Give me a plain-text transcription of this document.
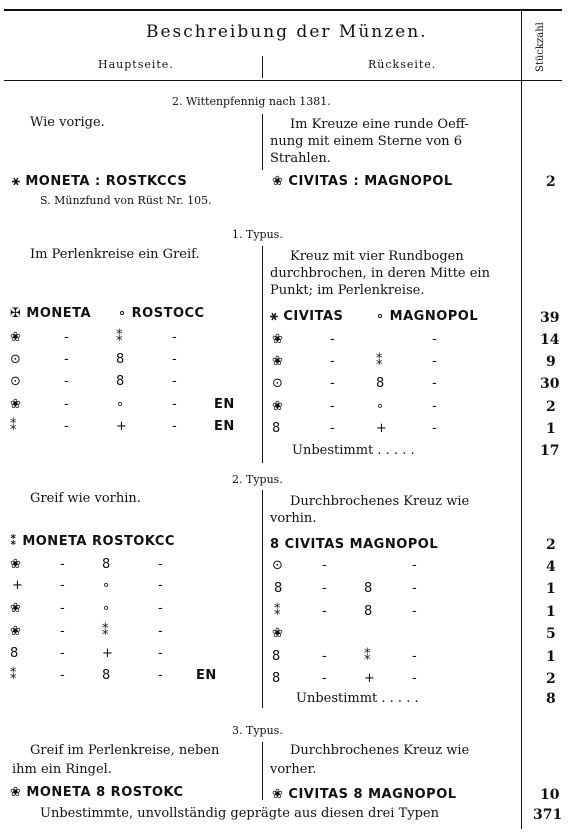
Beschreibung der Münzen.
Hauptseite.	Rückseite.	Stückzahl
2. Wittenpfennig nach 1381.
Wie vorige.	Im Kreuze eine runde Oeff-
nung mit einem Sterne von 6
Strahlen.
⚹ MONETA : ROSTKCCS	❀ CIVITAS : MAGNOPOL	2
S. Münzfund von Rüst Nr. 105.
1. Typus.
Im Perlenkreise ein Greif.	Kreuz mit vier Rundbogen
durchbrochen, in deren Mitte ein
Punkt; im Perlenkreise.
✠ MONETA ∘ ROSTOCC	⚹ CIVITAS	∘ MAGNOPOL	39
❀	-	⁑	-	❀	-	-	14
⊙	-	8	-	❀	-	⁑	-	9
⊙	-	8	-	⊙	-	8	-	30
❀	-	∘	-	EN	❀	-	∘	-	2
⁑	-	+	-	EN	8	-	+	-	1
Unbestimmt . . . . .	17
2. Typus.
Greif wie vorhin.	Durchbrochenes Kreuz wie
vorhin.
⁑ MONETA ROSTOKCC	8 CIVITAS MAGNOPOL	2
❀	-	8	-	⊙	-	-	4
+	-	∘	-	8	-	8	-	1
❀	-	∘	-	⁑	-	8	-	1
❀	-	⁑	-	❀	5
8	-	+	-	8	-	⁑	-	1
⁑	-	8	-	EN	8	-	+	-	2
Unbestimmt . . . . .	8
3. Typus.
Greif im Perlenkreise, neben
ihm ein Ringel.
Durchbrochenes Kreuz wie
vorher.
❀ MONETA 8 ROSTOKC	❀ CIVITAS 8 MAGNOPOL	10
Unbestimmte, unvollständig geprägte aus diesen drei Typen	371
